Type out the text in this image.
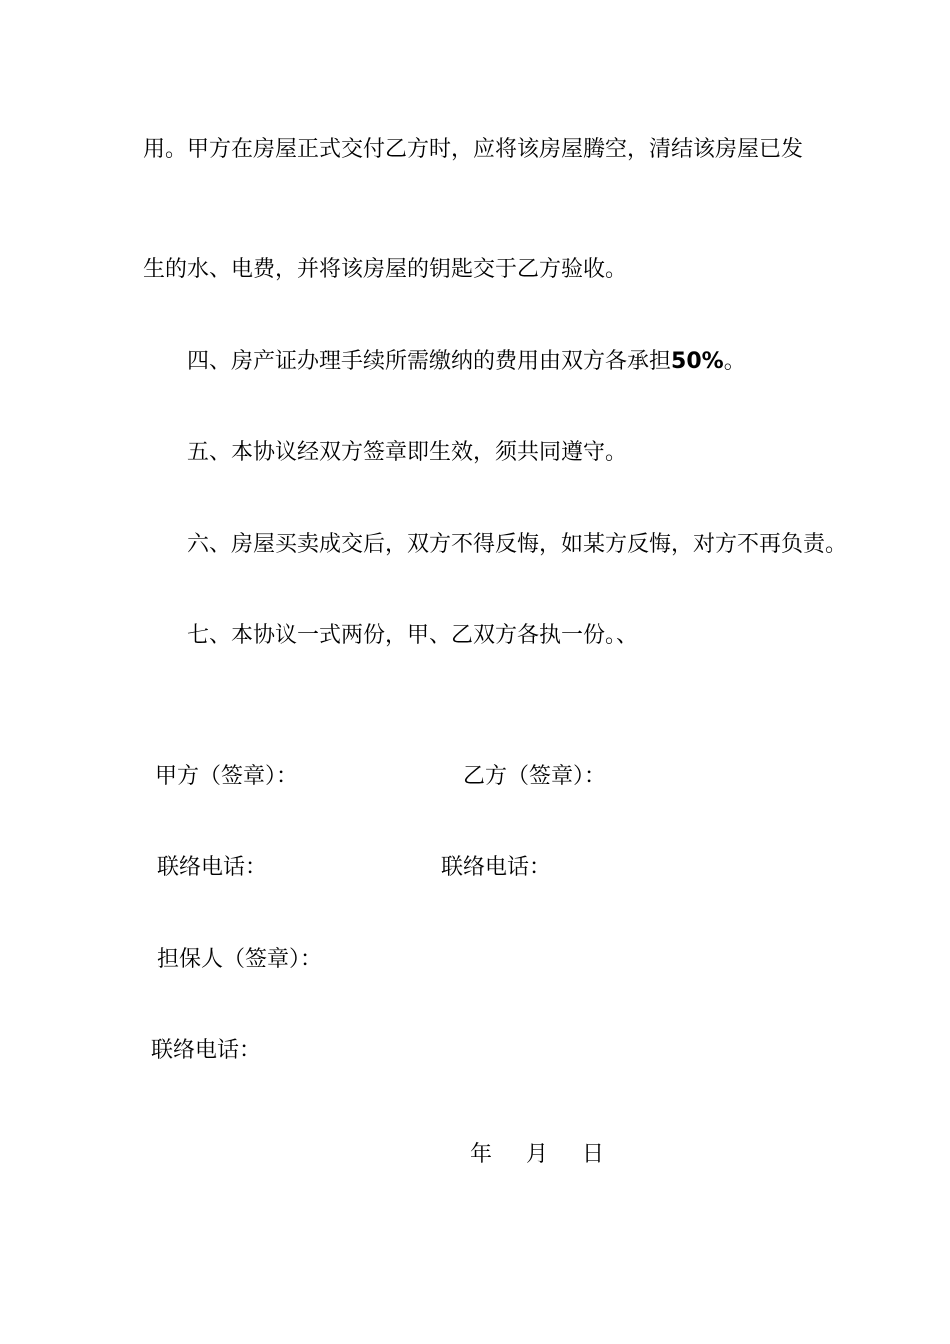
用。甲方在房屋正式交付乙方时，应将该房屋腾空，清结该房屋已发
生的水、电费，并将该房屋的钥匙交于乙方验收。
四、房产证办理手续所需缴纳的费用由双方各承担50%。
五、本协议经双方签章即生效，须共同遵守。
六、房屋买卖成交后，双方不得反悔，如某方反悔，对方不再负责。
七、本协议一式两份，甲、乙双方各执一份。、
甲方（签章）：	乙方（签章）：
联络电话：	联络电话：
担保人（签章）：
联络电话：
年 月 日
